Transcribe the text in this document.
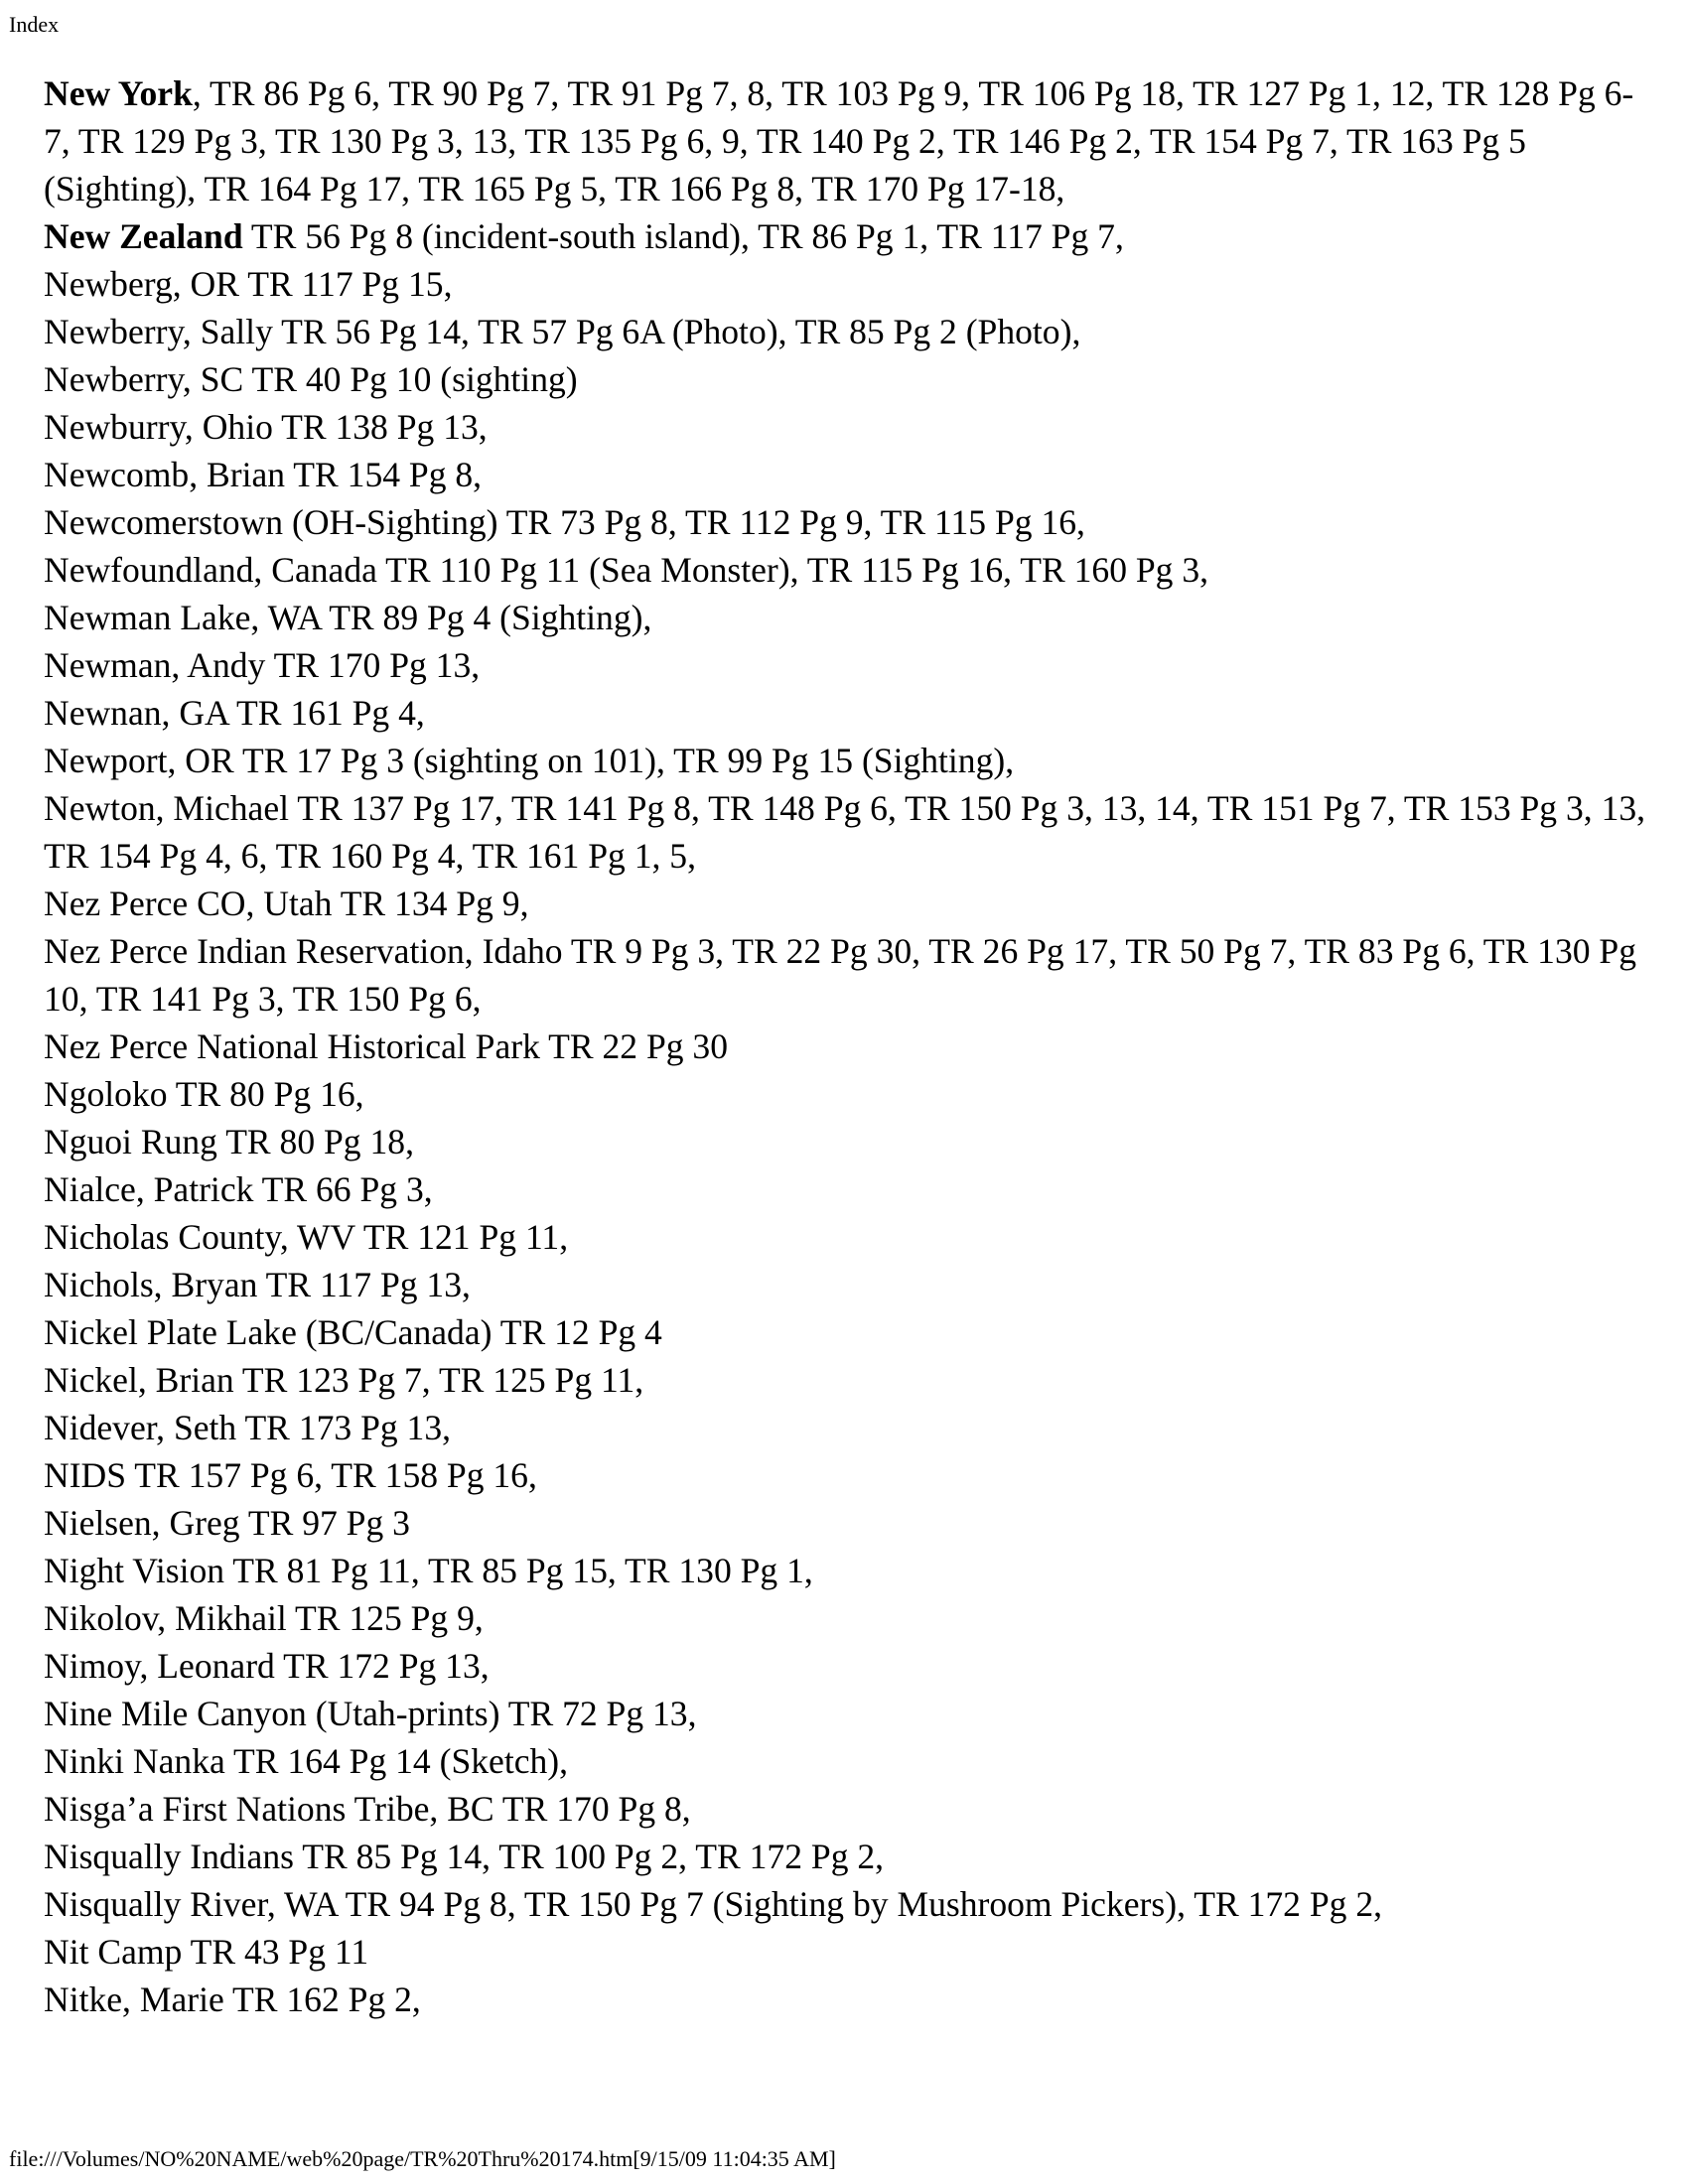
Index
New York, TR 86 Pg 6, TR 90 Pg 7, TR 91 Pg 7, 8, TR 103 Pg 9, TR 106 Pg 18, TR 127 Pg 1, 12, TR 128 Pg 6-7, TR 129 Pg 3, TR 130 Pg 3, 13, TR 135 Pg 6, 9, TR 140 Pg 2, TR 146 Pg 2, TR 154 Pg 7, TR 163 Pg 5 (Sighting), TR 164 Pg 17, TR 165 Pg 5, TR 166 Pg 8, TR 170 Pg 17-18,
New Zealand TR 56 Pg 8 (incident-south island), TR 86 Pg 1, TR 117 Pg 7,
Newberg, OR TR 117 Pg 15,
Newberry, Sally TR 56 Pg 14, TR 57 Pg 6A (Photo), TR 85 Pg 2 (Photo),
Newberry, SC TR 40 Pg 10 (sighting)
Newburry, Ohio TR 138 Pg 13,
Newcomb, Brian TR 154 Pg 8,
Newcomerstown (OH-Sighting) TR 73 Pg 8, TR 112 Pg 9, TR 115 Pg 16,
Newfoundland, Canada TR 110 Pg 11 (Sea Monster), TR 115 Pg 16, TR 160 Pg 3,
Newman Lake, WA TR 89 Pg 4 (Sighting),
Newman, Andy TR 170 Pg 13,
Newnan, GA TR 161 Pg 4,
Newport, OR TR 17 Pg 3 (sighting on 101), TR 99 Pg 15 (Sighting),
Newton, Michael TR 137 Pg 17, TR 141 Pg 8, TR 148 Pg 6, TR 150 Pg 3, 13, 14, TR 151 Pg 7, TR 153 Pg 3, 13, TR 154 Pg 4, 6, TR 160 Pg 4, TR 161 Pg 1, 5,
Nez Perce CO, Utah TR 134 Pg 9,
Nez Perce Indian Reservation, Idaho TR 9 Pg 3, TR 22 Pg 30, TR 26 Pg 17, TR 50 Pg 7, TR 83 Pg 6, TR 130 Pg 10, TR 141 Pg 3, TR 150 Pg 6,
Nez Perce National Historical Park TR 22 Pg 30
Ngoloko TR 80 Pg 16,
Nguoi Rung TR 80 Pg 18,
Nialce, Patrick TR 66 Pg 3,
Nicholas County, WV TR 121 Pg 11,
Nichols, Bryan TR 117 Pg 13,
Nickel Plate Lake (BC/Canada) TR 12 Pg 4
Nickel, Brian TR 123 Pg 7, TR 125 Pg 11,
Nidever, Seth TR 173 Pg 13,
NIDS TR 157 Pg 6, TR 158 Pg 16,
Nielsen, Greg TR 97 Pg 3
Night Vision TR 81 Pg 11, TR 85 Pg 15, TR 130 Pg 1,
Nikolov, Mikhail TR 125 Pg 9,
Nimoy, Leonard TR 172 Pg 13,
Nine Mile Canyon (Utah-prints) TR 72 Pg 13,
Ninki Nanka TR 164 Pg 14 (Sketch),
Nisga’a First Nations Tribe, BC TR 170 Pg 8,
Nisqually Indians TR 85 Pg 14, TR 100 Pg 2, TR 172 Pg 2,
Nisqually River, WA TR 94 Pg 8, TR 150 Pg 7 (Sighting by Mushroom Pickers), TR 172 Pg 2,
Nit Camp TR 43 Pg 11
Nitke, Marie TR 162 Pg 2,
file:///Volumes/NO%20NAME/web%20page/TR%20Thru%20174.htm[9/15/09 11:04:35 AM]
